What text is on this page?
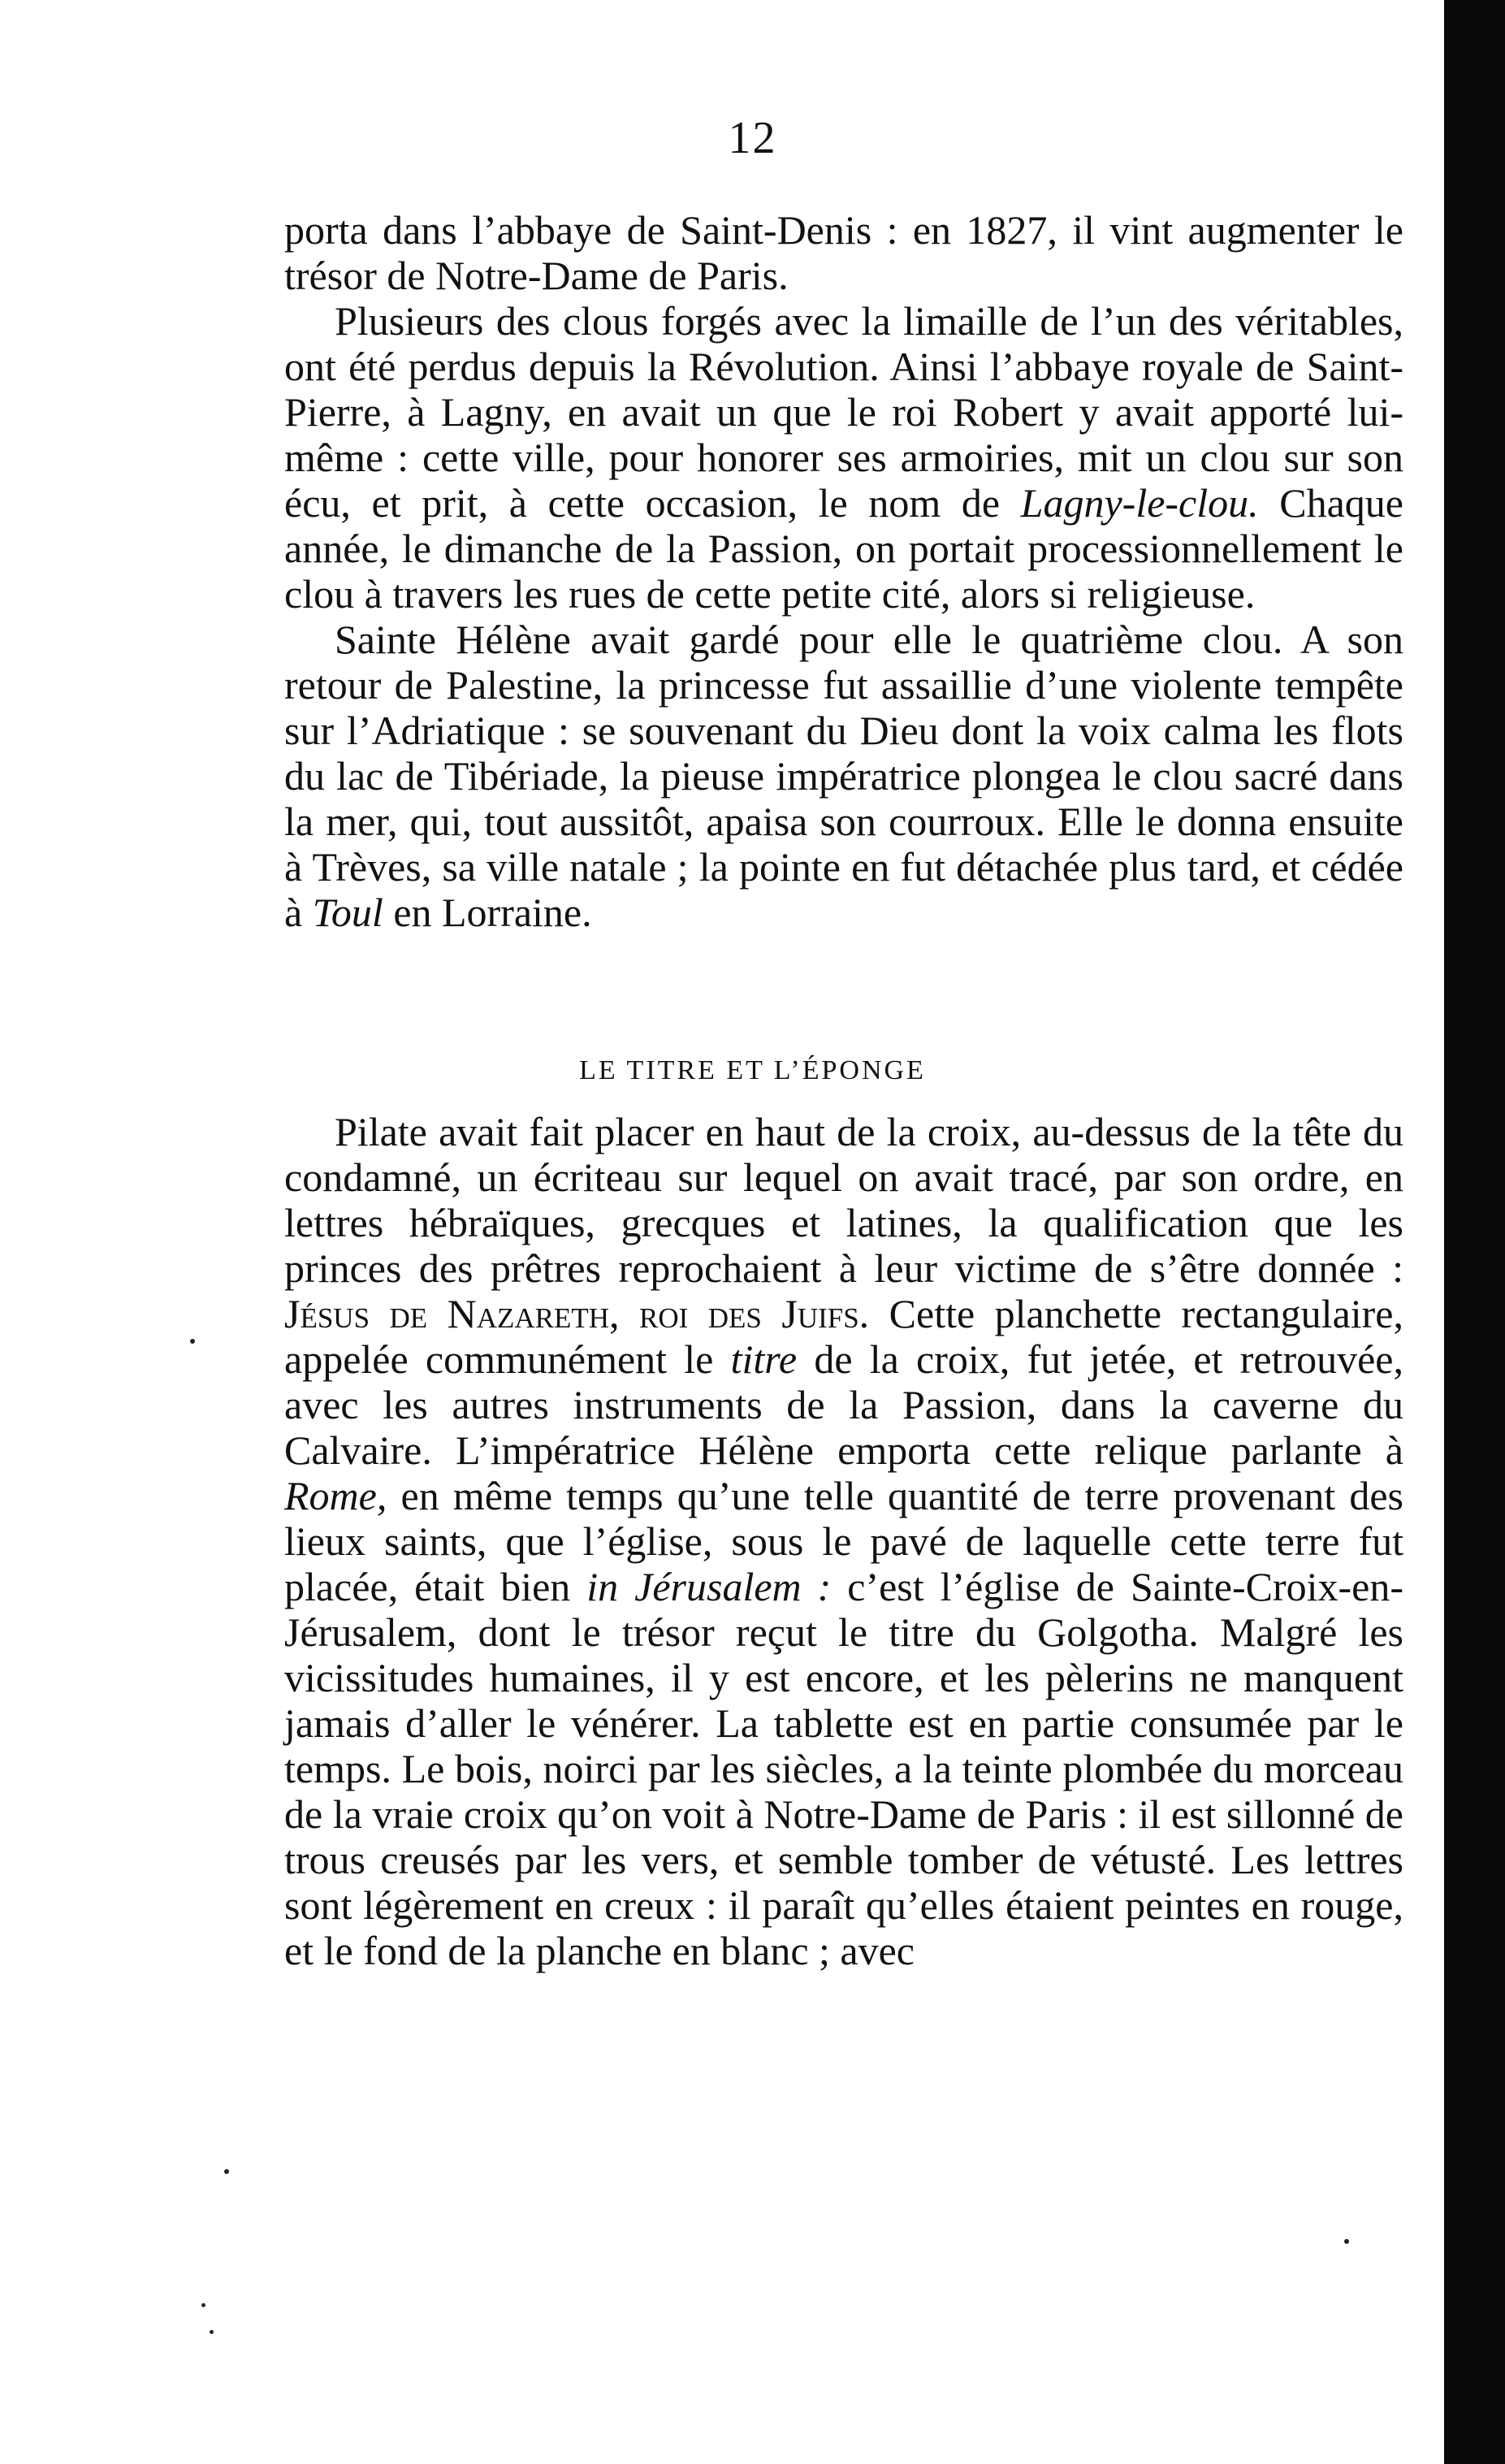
12

porta dans l’abbaye de Saint-Denis : en 1827, il vint augmenter le trésor de Notre-Dame de Paris.

Plusieurs des clous forgés avec la limaille de l’un des véritables, ont été perdus depuis la Révolution. Ainsi l’abbaye royale de Saint-Pierre, à Lagny, en avait un que le roi Robert y avait apporté lui-même : cette ville, pour honorer ses armoiries, mit un clou sur son écu, et prit, à cette occasion, le nom de Lagny-le-clou. Chaque année, le dimanche de la Passion, on portait processionnellement le clou à travers les rues de cette petite cité, alors si religieuse.

Sainte Hélène avait gardé pour elle le quatrième clou. A son retour de Palestine, la princesse fut assaillie d’une violente tempête sur l’Adriatique : se souvenant du Dieu dont la voix calma les flots du lac de Tibériade, la pieuse impératrice plongea le clou sacré dans la mer, qui, tout aussitôt, apaisa son courroux. Elle le donna ensuite à Trèves, sa ville natale ; la pointe en fut détachée plus tard, et cédée à Toul en Lorraine.

LE TITRE ET L’ÉPONGE

Pilate avait fait placer en haut de la croix, au-dessus de la tête du condamné, un écriteau sur lequel on avait tracé, par son ordre, en lettres hébraïques, grecques et latines, la qualification que les princes des prêtres reprochaient à leur victime de s’être donnée : Jésus de Nazareth, roi des Juifs. Cette planchette rectangulaire, appelée communément le titre de la croix, fut jetée, et retrouvée, avec les autres instruments de la Passion, dans la caverne du Calvaire. L’impératrice Hélène emporta cette relique parlante à Rome, en même temps qu’une telle quantité de terre provenant des lieux saints, que l’église, sous le pavé de laquelle cette terre fut placée, était bien in Jérusalem : c’est l’église de Sainte-Croix-en-Jérusalem, dont le trésor reçut le titre du Golgotha. Malgré les vicissitudes humaines, il y est encore, et les pèlerins ne manquent jamais d’aller le vénérer. La tablette est en partie consumée par le temps. Le bois, noirci par les siècles, a la teinte plombée du morceau de la vraie croix qu’on voit à Notre-Dame de Paris : il est sillonné de trous creusés par les vers, et semble tomber de vétusté. Les lettres sont légèrement en creux : il paraît qu’elles étaient peintes en rouge, et le fond de la planche en blanc ; avec
